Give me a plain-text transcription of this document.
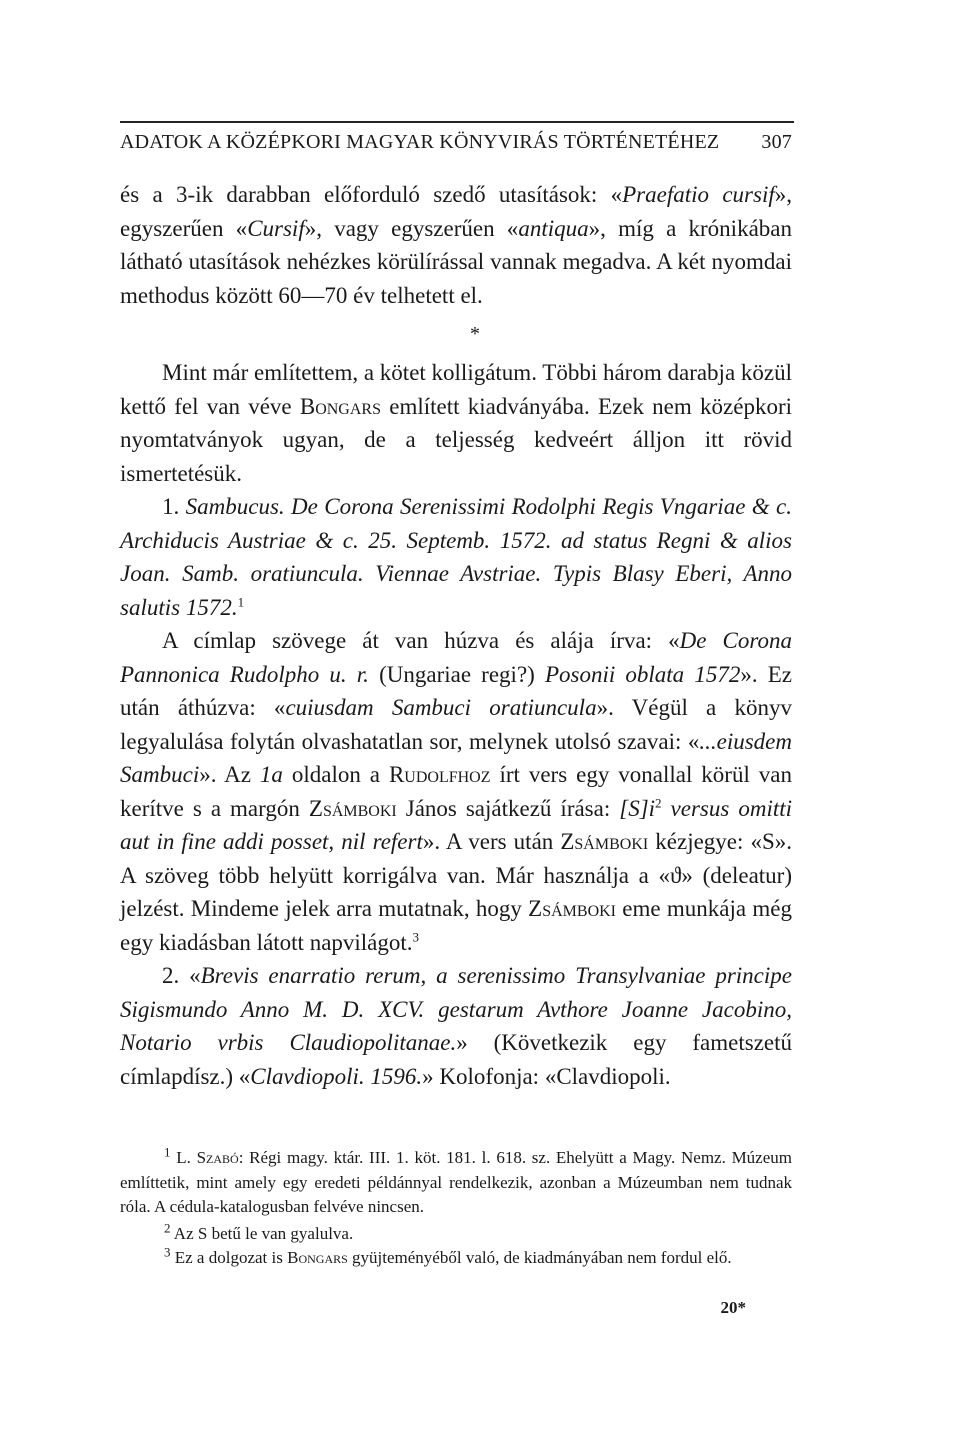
ADATOK A KÖZÉPKORI MAGYAR KÖNYVIRÁS TÖRTÉNETÉHEZ 307

és a 3-ik darabban előforduló szedő utasítások: «Praefatio cursif», egyszerűen «Cursif», vagy egyszerűen «antiqua», míg a krónikában látható utasítások nehézkes körülírással vannak megadva. A két nyomdai methodus között 60—70 év telhetett el.

*

Mint már említettem, a kötet kolligátum. Többi három darabja közül kettő fel van véve Bongars említett kiadványába. Ezek nem középkori nyomtatványok ugyan, de a teljesség kedveért álljon itt rövid ismertetésük.

1. Sambucus. De Corona Serenissimi Rodolphi Regis Vngariae & c. Archiducis Austriae & c. 25. Septemb. 1572. ad status Regni & alios Joan. Samb. oratiuncula. Viennae Avstriae. Typis Blasy Eberi, Anno salutis 1572.$^1$

A címlap szövege át van húzva és alája írva: «De Corona Pannonica Rudolpho u. r. (Ungariae regi?) Posonii oblata 1572». Ez után áthúzva: «cuiusdam Sambuci oratiuncula». Végül a könyv legyalulása folytán olvashatatlan sor, melynek utolsó szavai: «...eiusdem Sambuci». Az 1a oldalon a Rudolfhoz írt vers egy vonallal körül van kerítve s a margón Zsámboki János sajátkezű írása: $[S]i^2$ versus omitti aut in fine addi posset, nil refert». A vers után Zsámboki kézjegye: «S». A szöveg több helyütt korrigálva van. Már használja a «ϑ» (deleatur) jelzést. Mindeme jelek arra mutatnak, hogy Zsámboki eme munkája még egy kiadásban látott napvilágot.$^3$

2. «Brevis enarratio rerum, a serenissimo Transylvaniae principe Sigismundo Anno M. D. XCV. gestarum Avthore Joanne Jacobino, Notario vrbis Claudiopolitanae.» (Következik egy fametszetű címlapdísz.) «Clavdiopoli. 1596.» Kolofonja: «Clavdiopoli.

$^1$ L. Szabó: Régi magy. ktár. III. 1. köt. 181. l. 618. sz. Ehelyütt a Magy. Nemz. Múzeum említtetik, mint amely egy eredeti példánnyal rendelkezik, azonban a Múzeumban nem tudnak róla. A cédula-katalogusban felvéve nincsen.

$^2$ Az S betű le van gyalulva.

$^3$ Ez a dolgozat is Bongars gyüjteményéből való, de kiadmányában nem fordul elő.

20*
